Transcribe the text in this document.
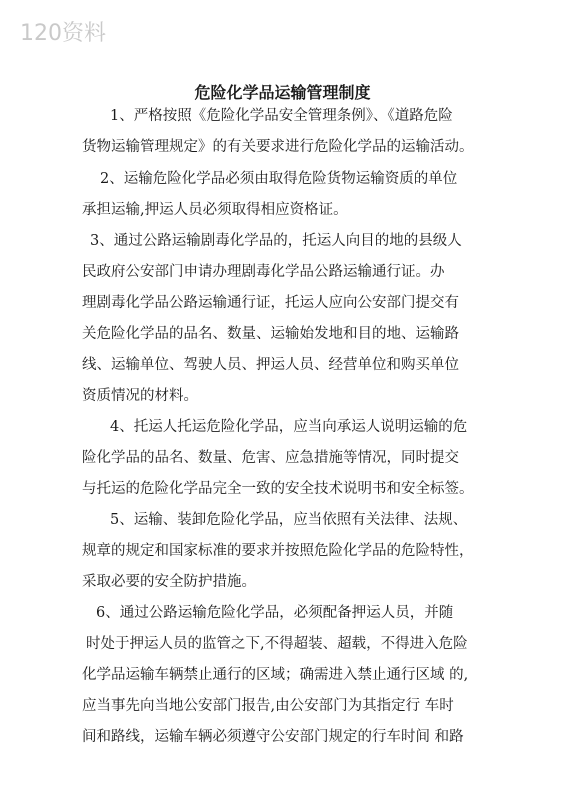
120资料
危险化学品运输管理制度
1、严格按照《危险化学品安全管理条例》、《道路危险
货物运输管理规定》的有关要求进行危险化学品的运输活动。
2、运输危险化学品必须由取得危险货物运输资质的单位
承担运输,押运人员必须取得相应资格证。
3、通过公路运输剧毒化学品的，托运人向目的地的县级人
民政府公安部门申请办理剧毒化学品公路运输通行证。办
理剧毒化学品公路运输通行证，托运人应向公安部门提交有
关危险化学品的品名、数量、运输始发地和目的地、运输路
线、运输单位、驾驶人员、押运人员、经营单位和购买单位
资质情况的材料。
4、托运人托运危险化学品，应当向承运人说明运输的危
险化学品的品名、数量、危害、应急措施等情况，同时提交
与托运的危险化学品完全一致的安全技术说明书和安全标签。
5、运输、装卸危险化学品，应当依照有关法律、法规、
规章的规定和国家标准的要求并按照危险化学品的危险特性，
采取必要的安全防护措施。
6、通过公路运输危险化学品，必须配备押运人员，并随
时处于押运人员的监管之下,不得超装、超载，不得进入危险
化学品运输车辆禁止通行的区域；确需进入禁止通行区域 的,
应当事先向当地公安部门报告,由公安部门为其指定行 车时
间和路线，运输车辆必须遵守公安部门规定的行车时间 和路
